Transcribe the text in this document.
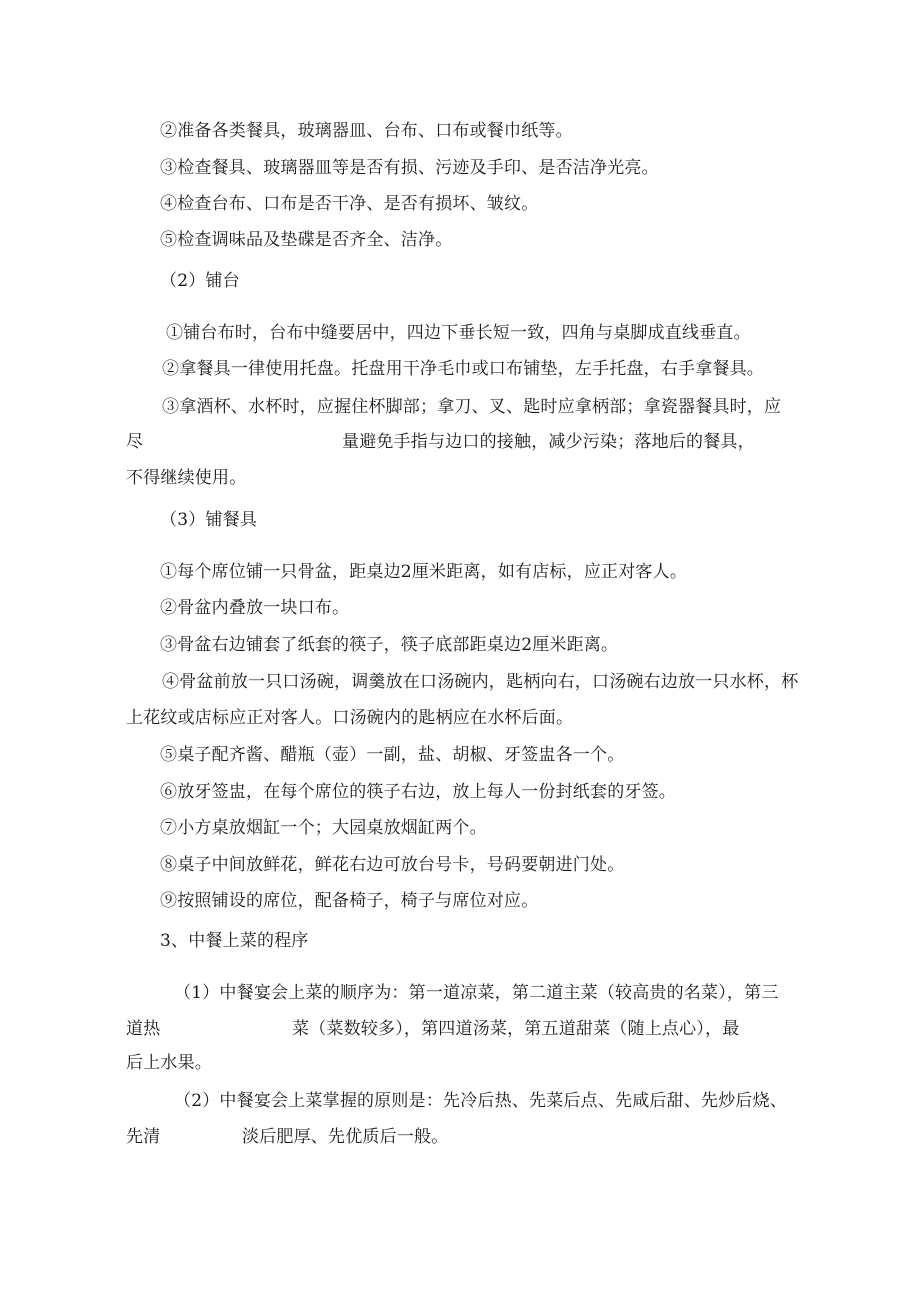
②准备各类餐具，玻璃器皿、台布、口布或餐巾纸等。
③检查餐具、玻璃器皿等是否有损、污迹及手印、是否洁净光亮。
④检查台布、口布是否干净、是否有损坏、皱纹。
⑤检查调味品及垫碟是否齐全、洁净。
（2）铺台
①铺台布时，台布中缝要居中，四边下垂长短一致，四角与桌脚成直线垂直。
②拿餐具一律使用托盘。托盘用干净毛巾或口布铺垫，左手托盘，右手拿餐具。
③拿酒杯、水杯时，应握住杯脚部；拿刀、叉、匙时应拿柄部；拿瓷器餐具时，应
尽	量避免手指与边口的接触，减少污染；落地后的餐具，
不得继续使用。
（3）铺餐具
①每个席位铺一只骨盆，距桌边2厘米距离，如有店标，应正对客人。
②骨盆内叠放一块口布。
③骨盆右边铺套了纸套的筷子，筷子底部距桌边2厘米距离。
④骨盆前放一只口汤碗，调羹放在口汤碗内，匙柄向右，口汤碗右边放一只水杯，杯
上花纹或店标应正对客人。口汤碗内的匙柄应在水杯后面。
⑤桌子配齐酱、醋瓶（壶）一副，盐、胡椒、牙签盅各一个。
⑥放牙签盅，在每个席位的筷子右边，放上每人一份封纸套的牙签。
⑦小方桌放烟缸一个；大园桌放烟缸两个。
⑧桌子中间放鲜花，鲜花右边可放台号卡，号码要朝进门处。
⑨按照铺设的席位，配备椅子，椅子与席位对应。
3、中餐上菜的程序
（1）中餐宴会上菜的顺序为：第一道凉菜，第二道主菜（较高贵的名菜），第三
道热	菜（菜数较多），第四道汤菜，第五道甜菜（随上点心），最
后上水果。
（2）中餐宴会上菜掌握的原则是：先冷后热、先菜后点、先咸后甜、先炒后烧、
先清	淡后肥厚、先优质后一般。
